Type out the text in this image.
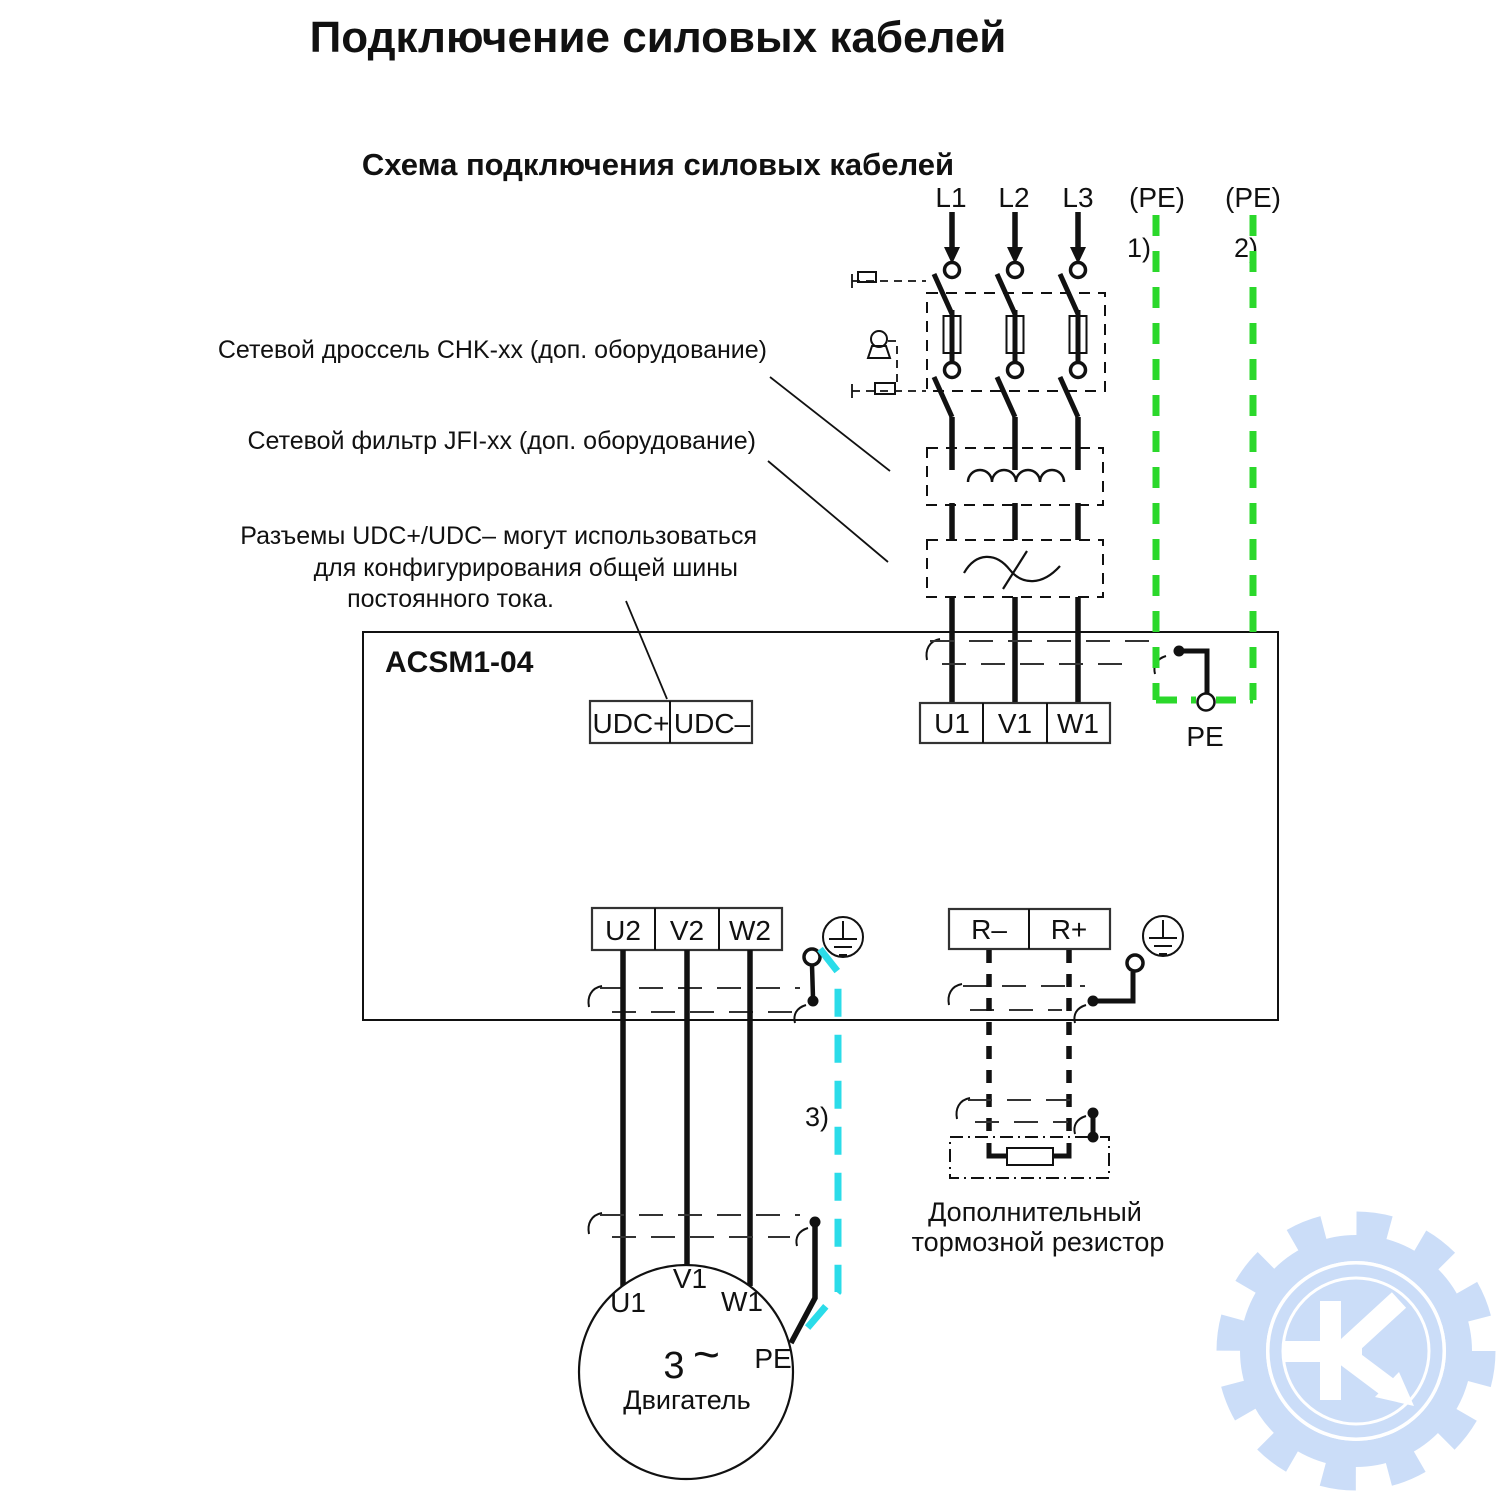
Подключение силовых кабелей
Схема подключения силовых кабелей
Сетевой дроссель CHK-xx (доп. оборудование)
Сетевой фильтр JFI-xx (доп. оборудование)
Разъемы UDC+/UDC– могут использоваться
для конфигурирования общей шины
постоянного тока.
L1 L2 L3 (PE) (PE)
1)	2)
ACSM1-04
UDC+ UDC–	U1 V1 W1
U2 V2 W2	R– R+
PE
Дополнительный
тормозной резистор
3)
U1
V1
W1
3 ~ PE
Двигатель
